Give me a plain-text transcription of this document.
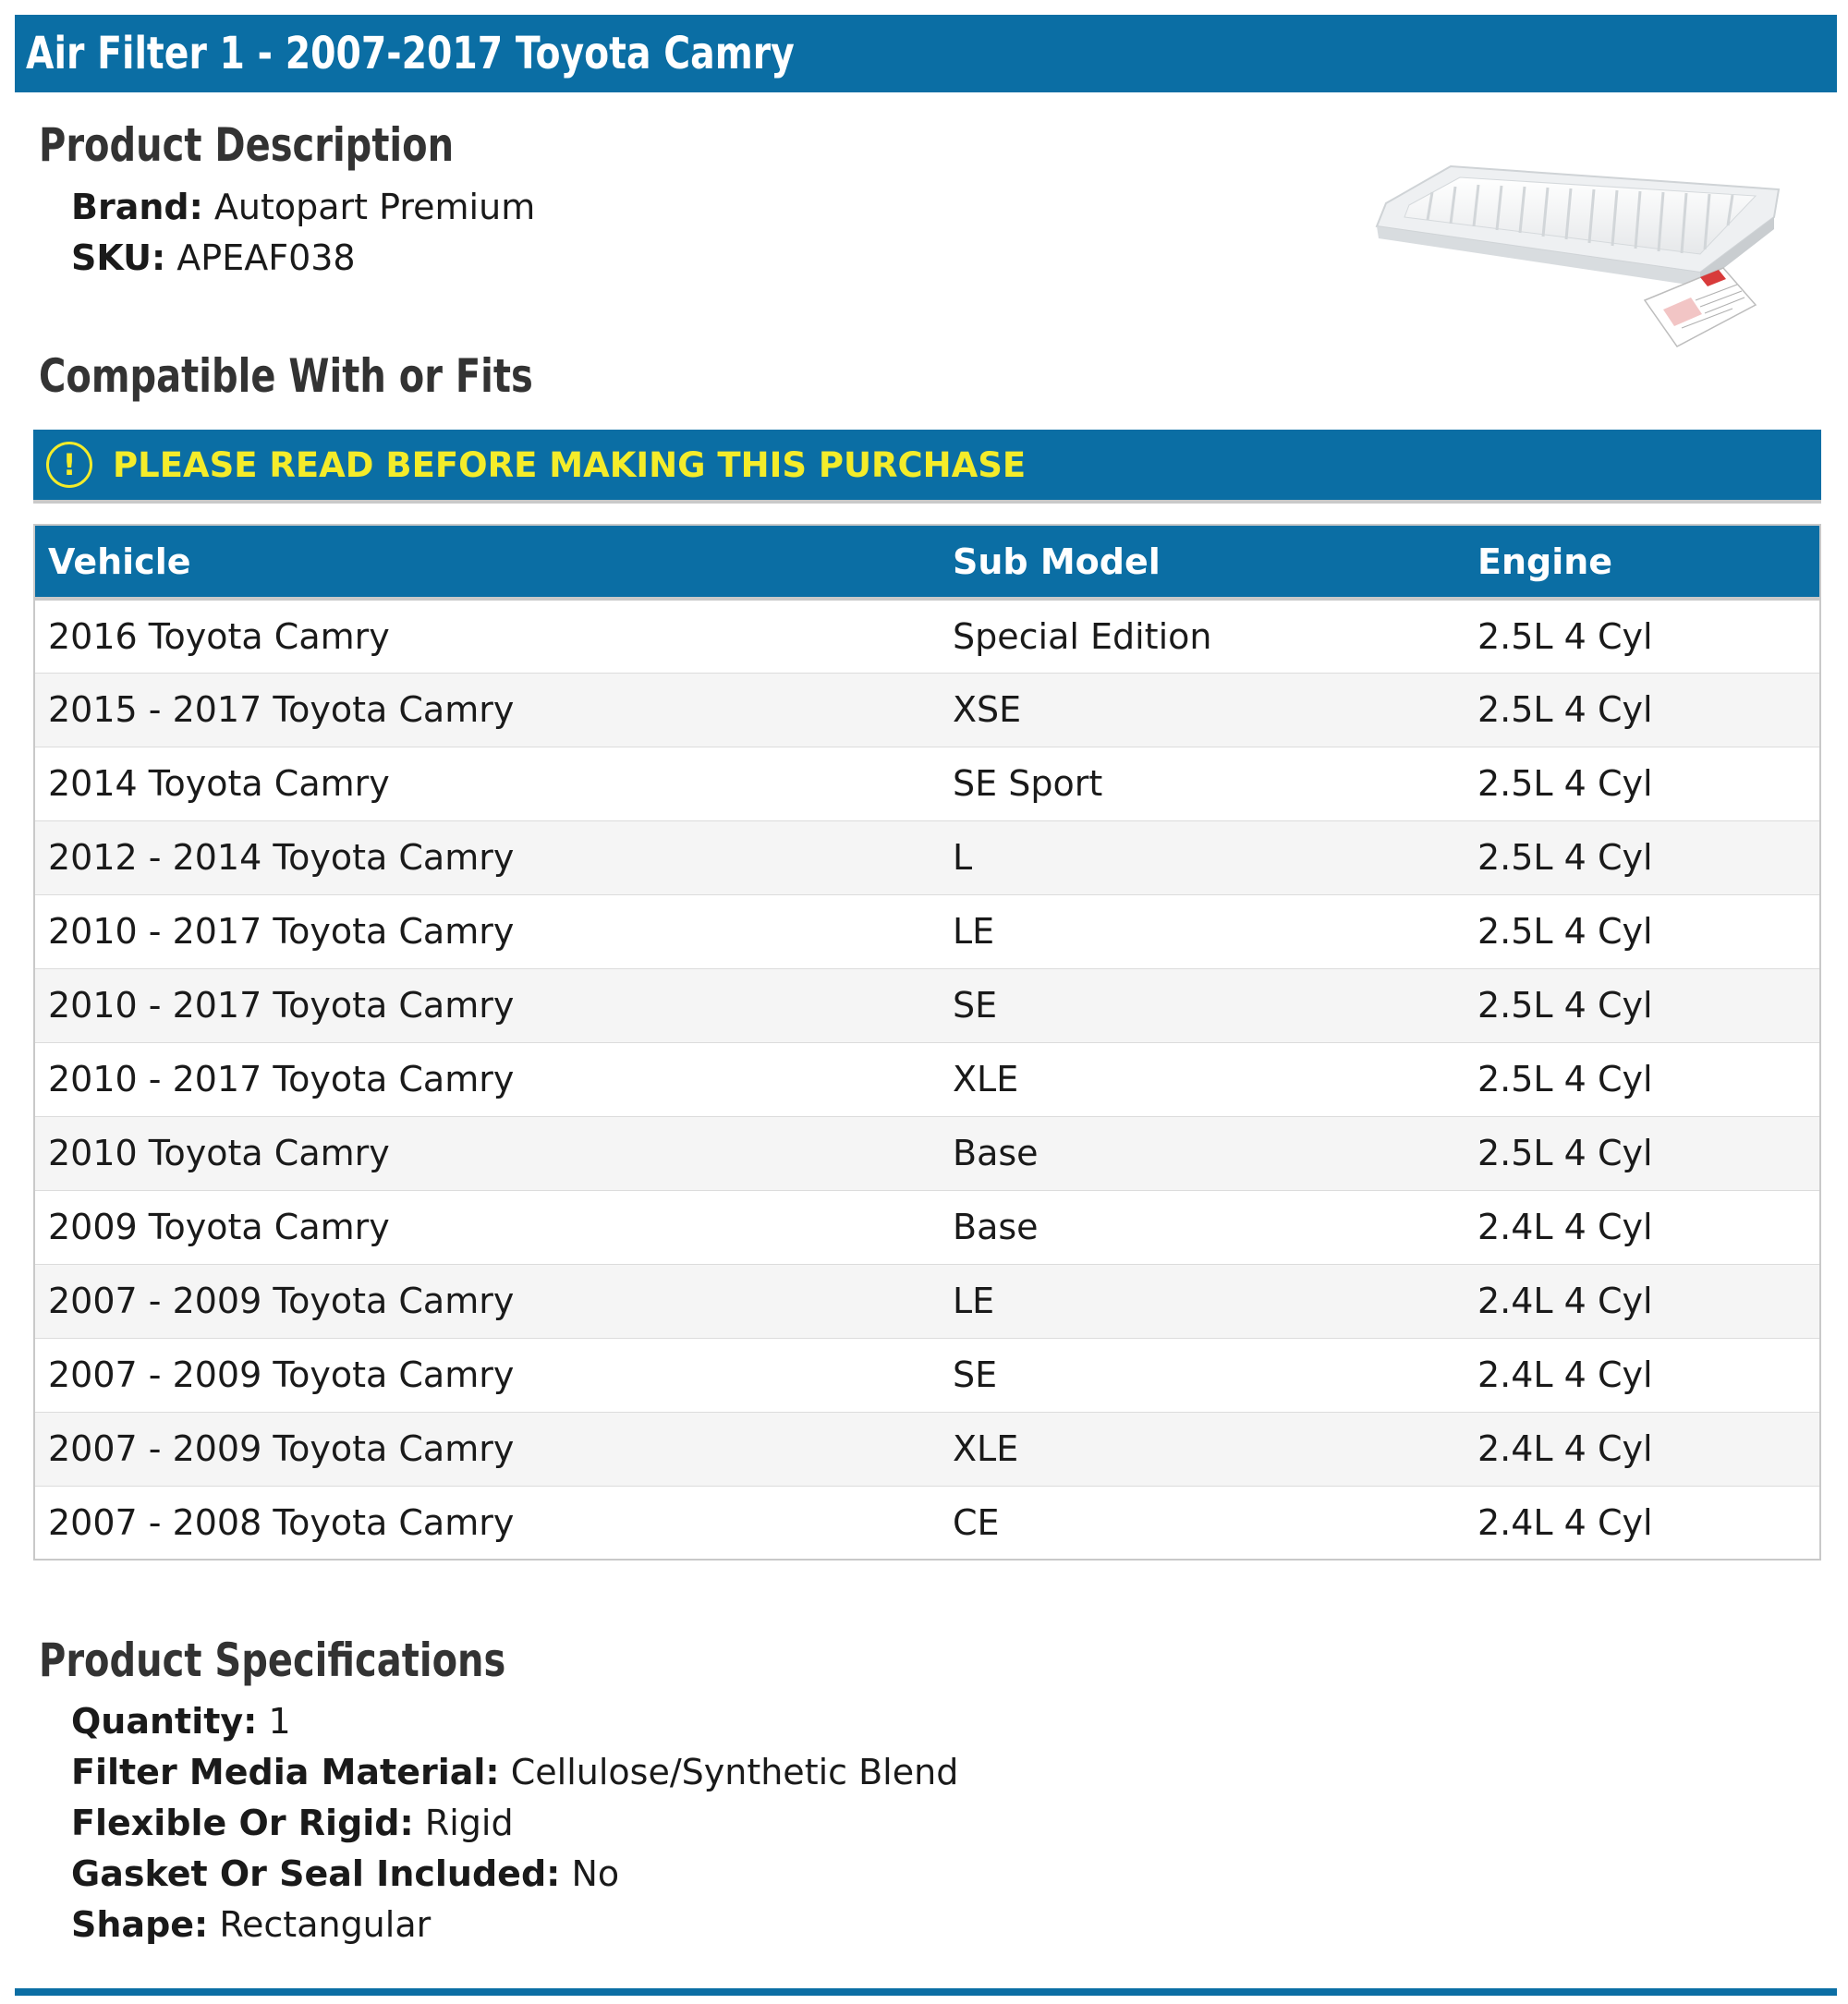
Air Filter 1 - 2007-2017 Toyota Camry
Product Description
Brand: Autopart Premium
SKU: APEAF038
Compatible With or Fits
!	PLEASE READ BEFORE MAKING THIS PURCHASE
Vehicle	Sub Model	Engine
2016 Toyota Camry	Special Edition	2.5L 4 Cyl
2015 - 2017 Toyota Camry	XSE	2.5L 4 Cyl
2014 Toyota Camry	SE Sport	2.5L 4 Cyl
2012 - 2014 Toyota Camry	L	2.5L 4 Cyl
2010 - 2017 Toyota Camry	LE	2.5L 4 Cyl
2010 - 2017 Toyota Camry	SE	2.5L 4 Cyl
2010 - 2017 Toyota Camry	XLE	2.5L 4 Cyl
2010 Toyota Camry	Base	2.5L 4 Cyl
2009 Toyota Camry	Base	2.4L 4 Cyl
2007 - 2009 Toyota Camry	LE	2.4L 4 Cyl
2007 - 2009 Toyota Camry	SE	2.4L 4 Cyl
2007 - 2009 Toyota Camry	XLE	2.4L 4 Cyl
2007 - 2008 Toyota Camry	CE	2.4L 4 Cyl
Product Specifications
Quantity: 1
Filter Media Material: Cellulose/Synthetic Blend
Flexible Or Rigid: Rigid
Gasket Or Seal Included: No
Shape: Rectangular
